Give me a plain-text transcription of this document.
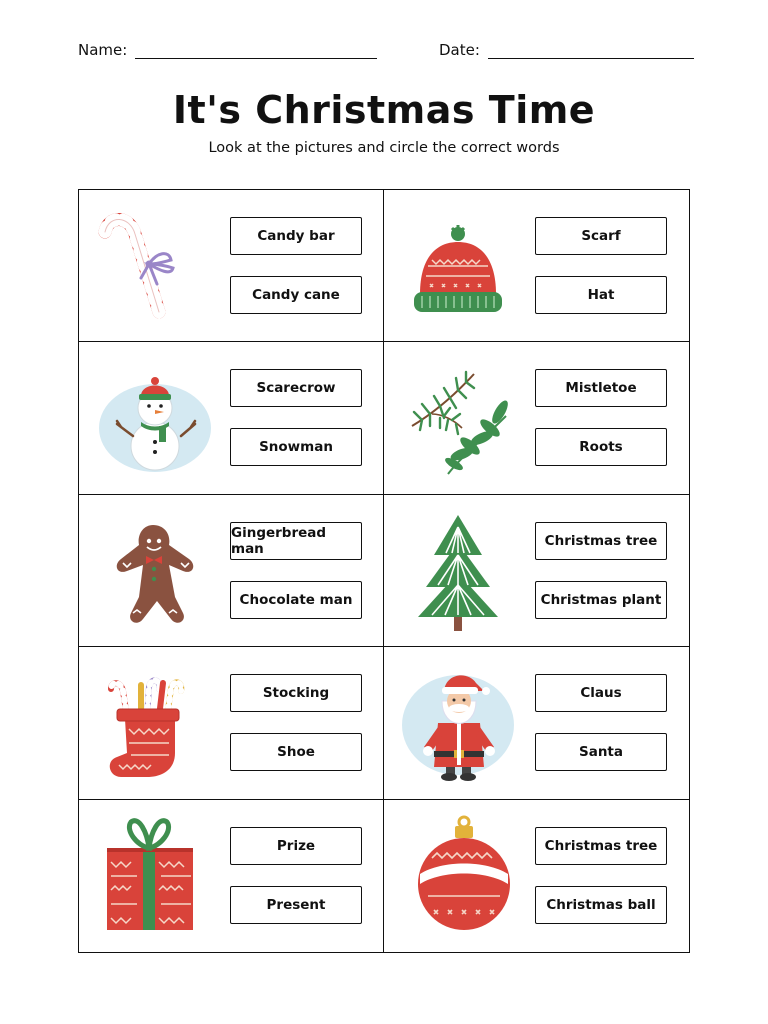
Name:	Date:
It's Christmas Time
Look at the pictures and circle the correct words
Candy bar
Candy cane
Scarf
Hat
Scarecrow
Snowman
Mistletoe
Roots
Gingerbread man
Chocolate man
Christmas tree
Christmas plant
Stocking
Shoe
Claus
Santa
Prize
Present
Christmas tree
Christmas ball
